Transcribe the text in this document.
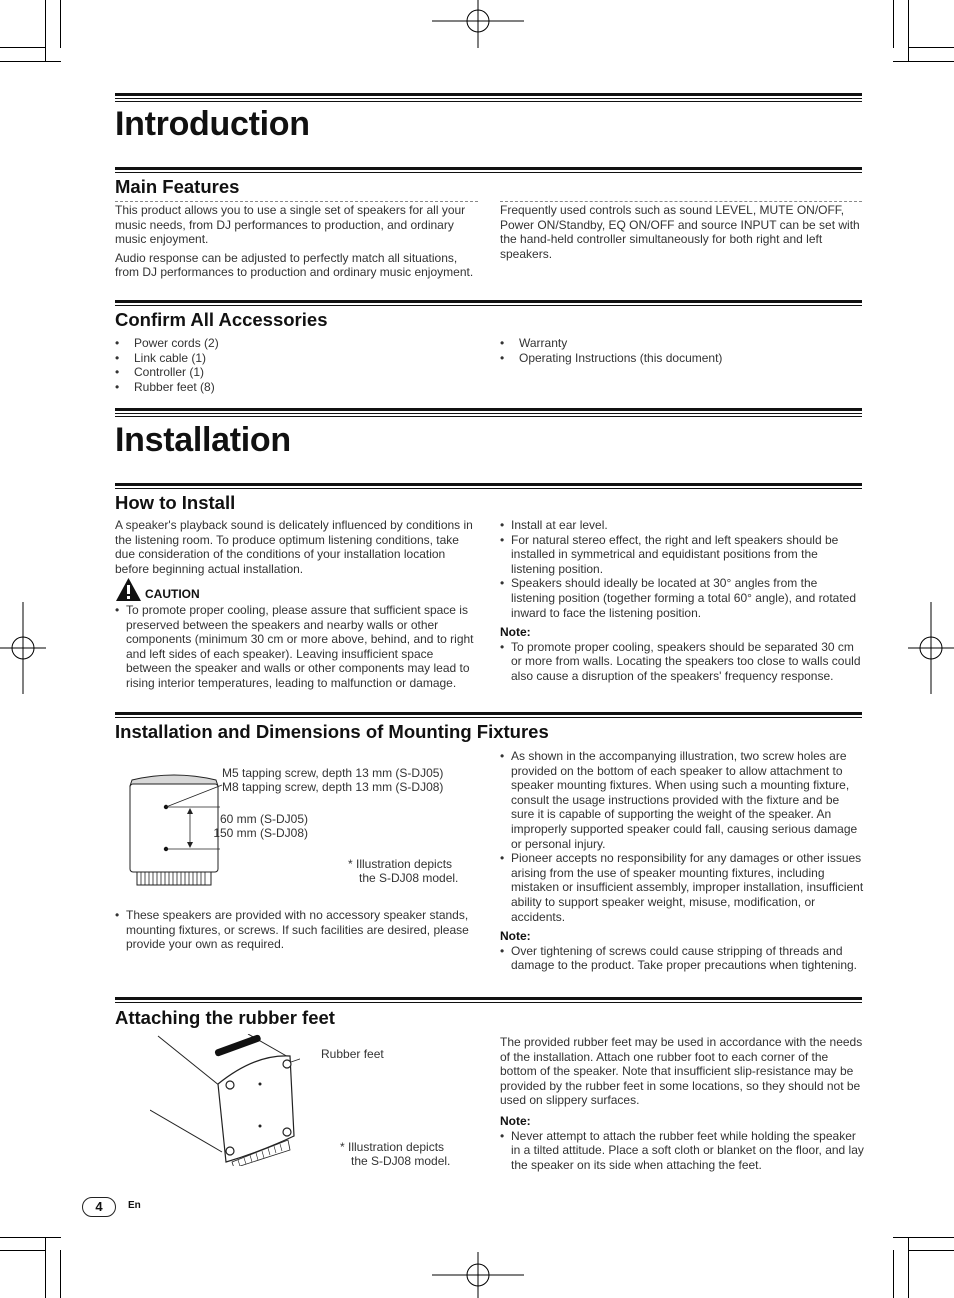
Introduction
Main Features

This product allows you to use a single set of speakers for all your music needs, from DJ performances to production, and ordinary music enjoyment.

Audio response can be adjusted to perfectly match all situations, from DJ performances to production and ordinary music enjoyment.

Frequently used controls such as sound LEVEL, MUTE ON/OFF, Power ON/Standby, EQ ON/OFF and source INPUT can be set with the hand-held controller simultaneously for both right and left speakers.

Confirm All Accessories
• Power cords (2)
• Link cable (1)
• Controller (1)
• Rubber feet (8)
• Warranty
• Operating Instructions (this document)
Installation
How to Install
A speaker's playback sound is delicately influenced by conditions in the listening room. To produce optimum listening conditions, take due consideration of the conditions of your installation location before beginning actual installation.
CAUTION
• To promote proper cooling, please assure that sufficient space is preserved between the speakers and nearby walls or other components (minimum 30 cm or more above, behind, and to right and left sides of each speaker). Leaving insufficient space between the speaker and walls or other components may lead to rising interior temperatures, leading to malfunction or damage.
• Install at ear level.
• For natural stereo effect, the right and left speakers should be installed in symmetrical and equidistant positions from the listening position.
• Speakers should ideally be located at 30° angles from the listening position (together forming a total 60° angle), and rotated inward to face the listening position.
Note:
• To promote proper cooling, speakers should be separated 30 cm or more from walls. Locating the speakers too close to walls could also cause a disruption of the speakers' frequency response.
Installation and Dimensions of Mounting Fixtures
M5 tapping screw, depth 13 mm (S-DJ05)
M8 tapping screw, depth 13 mm (S-DJ08)
60 mm (S-DJ05)
150 mm (S-DJ08)
* Illustration depicts
the S-DJ08 model.
• These speakers are provided with no accessory speaker stands, mounting fixtures, or screws. If such facilities are desired, please provide your own as required.
• As shown in the accompanying illustration, two screw holes are provided on the bottom of each speaker to allow attachment to speaker mounting fixtures. When using such a mounting fixture, consult the usage instructions provided with the fixture and be sure it is capable of supporting the weight of the speaker. An improperly supported speaker could fall, causing serious damage or personal injury.
• Pioneer accepts no responsibility for any damages or other issues arising from the use of speaker mounting fixtures, including mistaken or insufficient assembly, improper installation, insufficient ability to support speaker weight, misuse, modification, or accidents.
Note:
• Over tightening of screws could cause stripping of threads and damage to the product. Take proper precautions when tightening.
Attaching the rubber feet
Rubber feet
* Illustration depicts
the S-DJ08 model.

The provided rubber feet may be used in accordance with the needs of the installation. Attach one rubber foot to each corner of the bottom of the speaker. Note that insufficient slip-resistance may be provided by the rubber feet in some locations, so they should not be used on slippery surfaces.

Note:
• Never attempt to attach the rubber feet while holding the speaker in a tilted attitude. Place a soft cloth or blanket on the floor, and lay the speaker on its side when attaching the feet.
4	En
